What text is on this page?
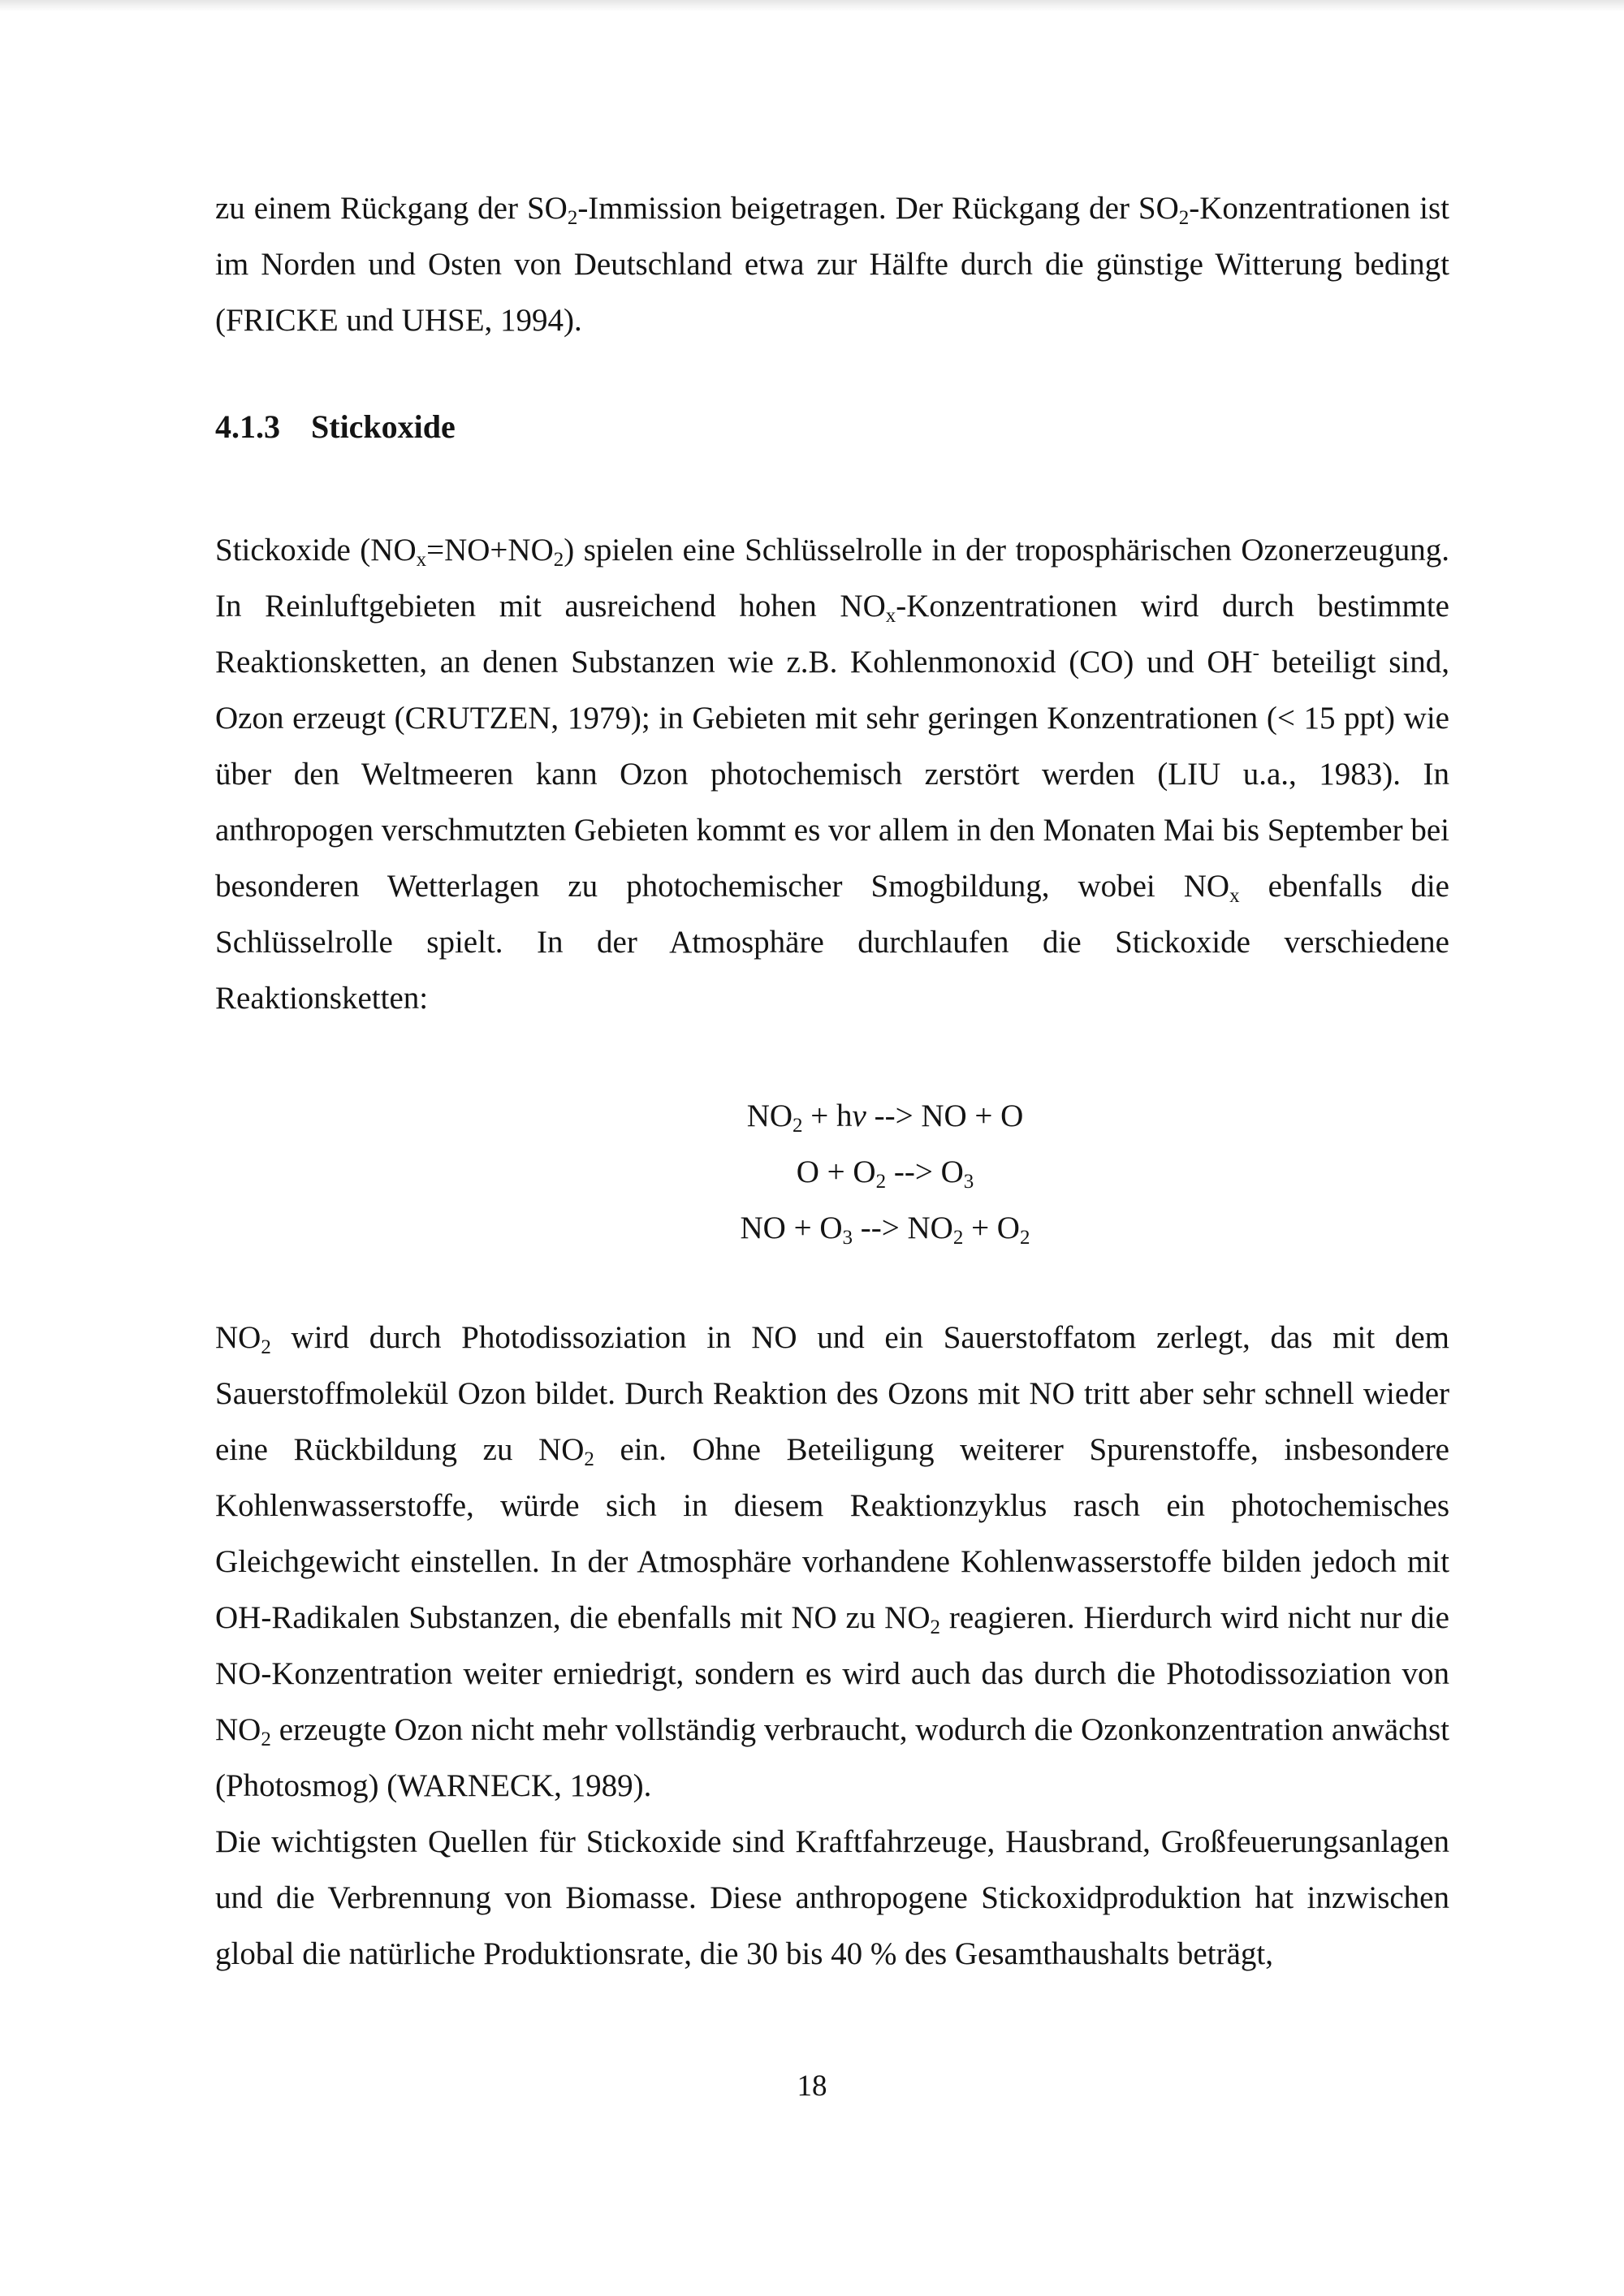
zu einem Rückgang der $SO_2$-Immission beigetragen. Der Rückgang der $SO_2$-Konzentrationen ist im Norden und Osten von Deutschland etwa zur Hälfte durch die günstige Witterung bedingt (FRICKE und UHSE, 1994).

4.1.3 Stickoxide

Stickoxide $(NO_x=NO+NO_2)$ spielen eine Schlüsselrolle in der troposphärischen Ozonerzeugung. In Reinluftgebieten mit ausreichend hohen $NO_x$-Konzentrationen wird durch bestimmte Reaktionsketten, an denen Substanzen wie z.B. Kohlenmonoxid (CO) und OH- beteiligt sind, Ozon erzeugt (CRUTZEN, 1979); in Gebieten mit sehr geringen Konzentrationen (< 15 ppt) wie über den Weltmeeren kann Ozon photochemisch zerstört werden (LIU u.a., 1983). In anthropogen verschmutzten Gebieten kommt es vor allem in den Monaten Mai bis September bei besonderen Wetterlagen zu photochemischer Smogbildung, wobei $NO_x$ ebenfalls die Schlüsselrolle spielt. In der Atmosphäre durchlaufen die Stickoxide verschiedene Reaktionsketten:

$NO_2 + h\nu$ --> NO + O
$O + O_2$ --> $O_3$
NO + $O_3$ --> $NO_2 + O_2$

$NO_2$ wird durch Photodissoziation in NO und ein Sauerstoffatom zerlegt, das mit dem Sauerstoffmolekül Ozon bildet. Durch Reaktion des Ozons mit NO tritt aber sehr schnell wieder eine Rückbildung zu $NO_2$ ein. Ohne Beteiligung weiterer Spurenstoffe, insbesondere Kohlenwasserstoffe, würde sich in diesem Reaktionzyklus rasch ein photochemisches Gleichgewicht einstellen. In der Atmosphäre vorhandene Kohlenwasserstoffe bilden jedoch mit OH-Radikalen Substanzen, die ebenfalls mit NO zu $NO_2$ reagieren. Hierdurch wird nicht nur die NO-Konzentration weiter erniedrigt, sondern es wird auch das durch die Photodissoziation von $NO_2$ erzeugte Ozon nicht mehr vollständig verbraucht, wodurch die Ozonkonzentration anwächst (Photosmog) (WARNECK, 1989).

Die wichtigsten Quellen für Stickoxide sind Kraftfahrzeuge, Hausbrand, Großfeuerungsanlagen und die Verbrennung von Biomasse. Diese anthropogene Stickoxidproduktion hat inzwischen global die natürliche Produktionsrate, die 30 bis 40 % des Gesamthaushalts beträgt,

18
